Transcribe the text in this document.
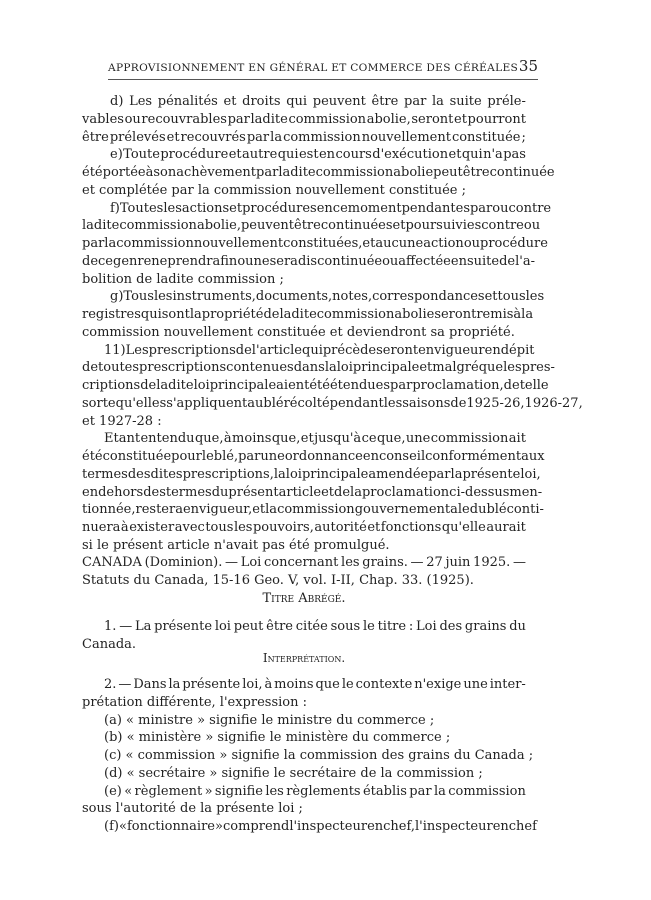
APPROVISIONNEMENT EN GÉNÉRAL ET COMMERCE DES CÉRÉALES 35
d) Les pénalités et droits qui peuvent être par la suite préle-
vables ou recouvrables par ladite commission abolie, seront et pourront
être prélevés et recouvrés par la commission nouvellement constituée ;
e) Toute procédure et autre qui est en cours d'exécution et qui n'a pas
été portée à son achèvement par ladite commission abolie peut être continuée
et complétée par la commission nouvellement constituée ;
f) Toutes les actions et procédures en ce moment pendantes par ou contre
ladite commission abolie, peuvent être continuées et poursuivies contre ou
par la commission nouvellement constituées, et aucune action ou procédure
de ce genre ne prendra fin ou ne sera discontinuée ou affectée en suite de l'a-
bolition de ladite commission ;
g) Tous les instruments, documents, notes, correspondances et tous les
registres qui sont la propriété de ladite commission abolie seront remis à la
commission nouvellement constituée et deviendront sa propriété.
11) Les prescriptions de l'article qui précède seront en vigueur en dépit
de toutes prescriptions contenues dans la loi principale et malgré que les pres-
criptions de ladite loi principale aient été étendues par proclamation, de telle
sorte qu'elles s'appliquent au blé récolté pendant les saisons de 1925-26, 1926-27,
et 1927-28 :
Etant entendu que, à moins que, et jusqu'à ce que, une commission ait
été constituée pour le blé, par une ordonnance en conseil conformément aux
termes desdites prescriptions, la loi principale amendée par la présente loi,
en dehors des termes du présent article et de la proclamation ci-dessus men-
tionnée, restera en vigueur, et la commission gouvernementale du blé conti-
nuera à exister avec tous les pouvoirs, autorité et fonctions qu'elle aurait
si le présent article n'avait pas été promulgué.
CANADA (Dominion). — Loi concernant les grains. — 27 juin 1925. —
Statuts du Canada, 15-16 Geo. V, vol. I-II, Chap. 33. (1925).
Titre Abrégé.
1. — La présente loi peut être citée sous le titre : Loi des grains du
Canada.
Interprétation.
2. — Dans la présente loi, à moins que le contexte n'exige une inter-
prétation différente, l'expression :
(a) « ministre » signifie le ministre du commerce ;
(b) « ministère » signifie le ministère du commerce ;
(c) « commission » signifie la commission des grains du Canada ;
(d) « secrétaire » signifie le secrétaire de la commission ;
(e) « règlement » signifie les règlements établis par la commission
sous l'autorité de la présente loi ;
(f) « fonctionnaire » comprend l'inspecteur en chef, l'inspecteur en chef
